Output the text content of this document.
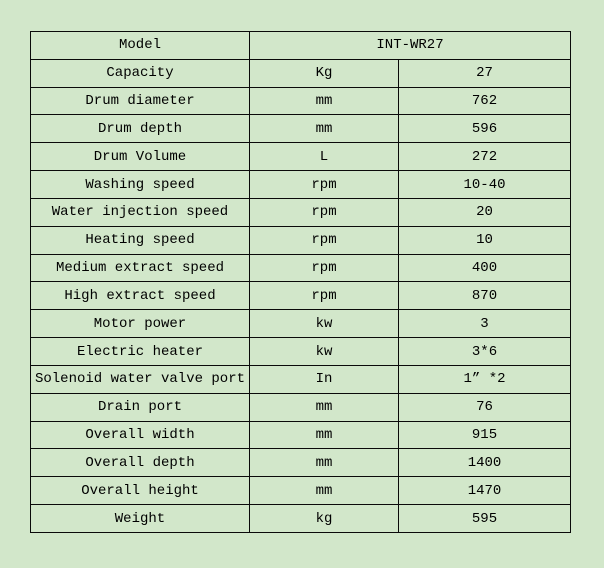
Model	INT-WR27	
Capacity	Kg	27
Drum diameter	mm	762
Drum depth	mm	596
Drum Volume	L	272
Washing speed	rpm	10-40
Water injection speed	rpm	20
Heating speed	rpm	10
Medium extract speed	rpm	400
High extract speed	rpm	870
Motor power	kw	3
Electric heater	kw	3*6
Solenoid water valve port	In	1” *2
Drain port	mm	76
Overall width	mm	915
Overall depth	mm	1400
Overall height	mm	1470
Weight	kg	595
